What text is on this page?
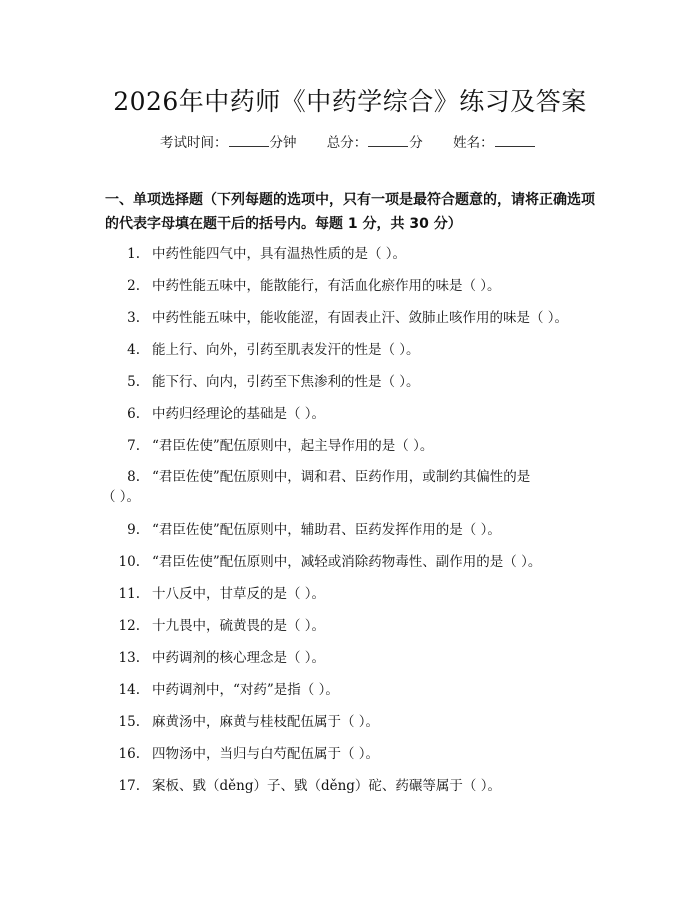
2026年中药师《中药学综合》练习及答案
考试时间：	分钟 总分：	分 姓名：
一、单项选择题（下列每题的选项中，只有一项是最符合题意的，请将正确选项的代表字母填在题干后的括号内。每题 1 分，共 30 分）
1. 中药性能四气中，具有温热性质的是（ ）。
2. 中药性能五味中，能散能行，有活血化瘀作用的味是（ ）。
3. 中药性能五味中，能收能涩，有固表止汗、敛肺止咳作用的味是（ ）。
4. 能上行、向外，引药至肌表发汗的性是（ ）。
5. 能下行、向内，引药至下焦渗利的性是（ ）。
6. 中药归经理论的基础是（ ）。
7. “君臣佐使”配伍原则中，起主导作用的是（ ）。
8. “君臣佐使”配伍原则中，调和君、臣药作用，或制约其偏性的是
（ ）。
9. “君臣佐使”配伍原则中，辅助君、臣药发挥作用的是（ ）。
10. “君臣佐使”配伍原则中，减轻或消除药物毒性、副作用的是（ ）。
11. 十八反中，甘草反的是（ ）。
12. 十九畏中，硫黄畏的是（ ）。
13. 中药调剂的核心理念是（ ）。
14. 中药调剂中，“对药”是指（ ）。
15. 麻黄汤中，麻黄与桂枝配伍属于（ ）。
16. 四物汤中，当归与白芍配伍属于（ ）。
17. 案板、戥（děng）子、戥（děng）砣、药碾等属于（ ）。
